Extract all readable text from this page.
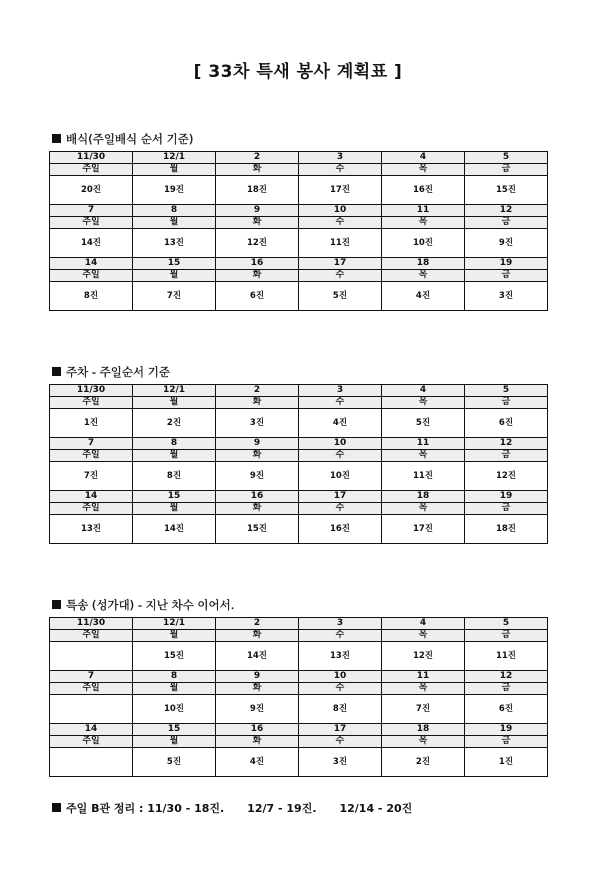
[ 33차 특새 봉사 계획표 ]
배식(주일배식 순서 기준)
11/30	12/1	2	3	4	5
주일	월	화	수	목	금
20진	19진	18진	17진	16진	15진
7	8	9	10	11	12
주일	월	화	수	목	금
14진	13진	12진	11진	10진	9진
14	15	16	17	18	19
주일	월	화	수	목	금
8진	7진	6진	5진	4진	3진
주차 - 주일순서 기준
11/30	12/1	2	3	4	5
주일	월	화	수	목	금
1진	2진	3진	4진	5진	6진
7	8	9	10	11	12
주일	월	화	수	목	금
7진	8진	9진	10진	11진	12진
14	15	16	17	18	19
주일	월	화	수	목	금
13진	14진	15진	16진	17진	18진
특송 (성가대) - 지난 차수 이어서.
11/30	12/1	2	3	4	5
주일	월	화	수	목	금
	15진	14진	13진	12진	11진
7	8	9	10	11	12
주일	월	화	수	목	금
	10진	9진	8진	7진	6진
14	15	16	17	18	19
주일	월	화	수	목	금
	5진	4진	3진	2진	1진
주일 B관 정리 : 11/30 - 18진.      12/7 - 19진.      12/14 - 20진
